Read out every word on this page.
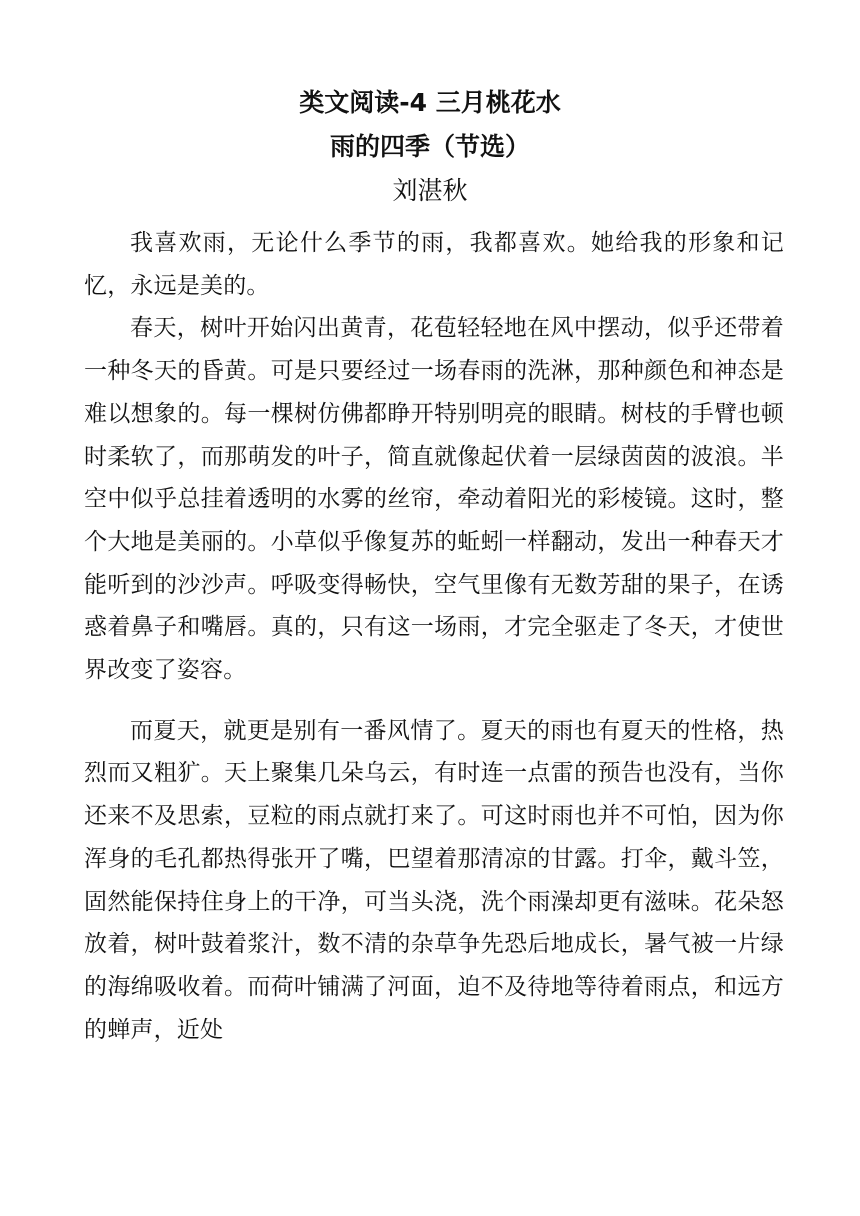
类文阅读-4 三月桃花水
雨的四季（节选）
刘湛秋

我喜欢雨，无论什么季节的雨，我都喜欢。她给我的形象和记忆，永远是美的。

春天，树叶开始闪出黄青，花苞轻轻地在风中摆动，似乎还带着一种冬天的昏黄。可是只要经过一场春雨的洗淋，那种颜色和神态是难以想象的。每一棵树仿佛都睁开特别明亮的眼睛。树枝的手臂也顿时柔软了，而那萌发的叶子，简直就像起伏着一层绿茵茵的波浪。半空中似乎总挂着透明的水雾的丝帘，牵动着阳光的彩棱镜。这时，整个大地是美丽的。小草似乎像复苏的蚯蚓一样翻动，发出一种春天才能听到的沙沙声。呼吸变得畅快，空气里像有无数芳甜的果子，在诱惑着鼻子和嘴唇。真的，只有这一场雨，才完全驱走了冬天，才使世界改变了姿容。

而夏天，就更是别有一番风情了。夏天的雨也有夏天的性格，热烈而又粗犷。天上聚集几朵乌云，有时连一点雷的预告也没有，当你还来不及思索，豆粒的雨点就打来了。可这时雨也并不可怕，因为你浑身的毛孔都热得张开了嘴，巴望着那清凉的甘露。打伞，戴斗笠，固然能保持住身上的干净，可当头浇，洗个雨澡却更有滋味。花朵怒放着，树叶鼓着浆汁，数不清的杂草争先恐后地成长，暑气被一片绿的海绵吸收着。而荷叶铺满了河面，迫不及待地等待着雨点，和远方的蝉声，近处
